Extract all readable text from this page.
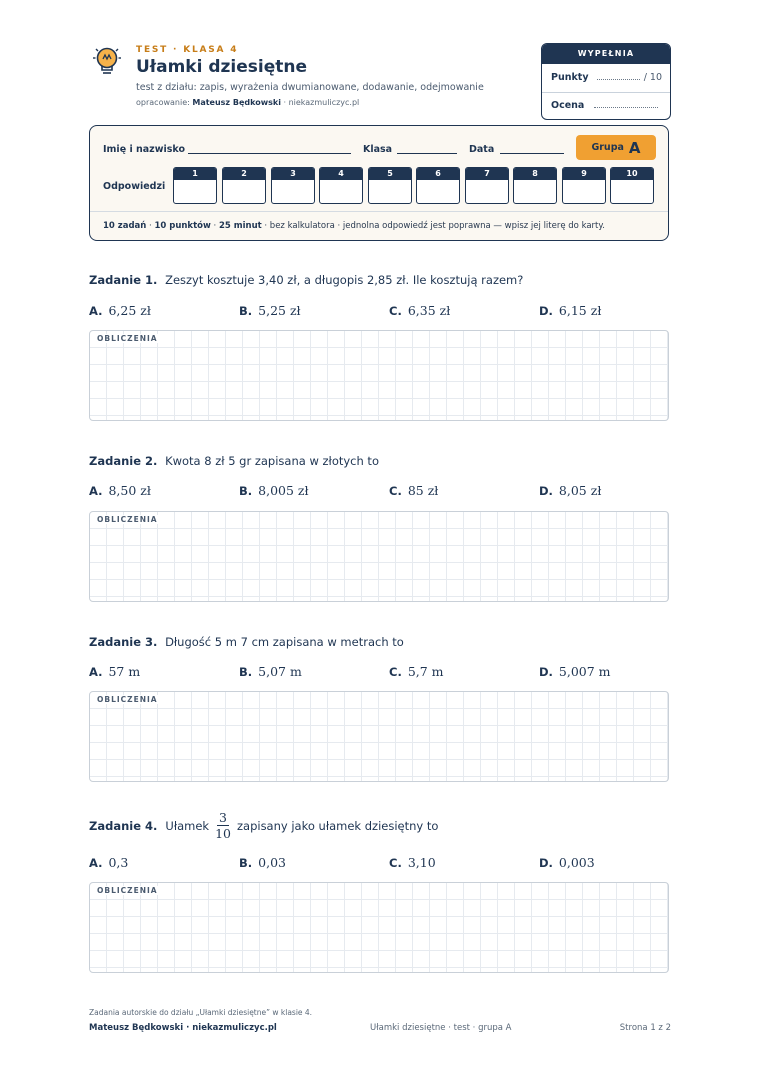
TEST · KLASA 4
Ułamki dziesiętne
test z działu: zapis, wyrażenia dwumianowane, dodawanie, odejmowanie
opracowanie: Mateusz Będkowski · niekazmuliczyc.pl
WYPEŁNIA NAUCZYCIEL
Punkty	/ 10
Ocena
Imię i nazwisko	Klasa	Data	Grupa A
Odpowiedzi
1	2	3	4	5	6	7	8	9	10
10 zadań · 10 punktów · 25 minut · bez kalkulatora · jednolna odpowiedź jest poprawna — wpisz jej literę do karty.
Zadanie 1. Zeszyt kosztuje 3,40 zł, a długopis 2,85 zł. Ile kosztują razem?
A. 6,25 zł	B. 5,25 zł	C. 6,35 zł	D. 6,15 zł
OBLICZENIA
Zadanie 2. Kwota 8 zł 5 gr zapisana w złotych to
A. 8,50 zł	B. 8,005 zł	C. 85 zł	D. 8,05 zł
OBLICZENIA
Zadanie 3. Długość 5 m 7 cm zapisana w metrach to
A. 57 m	B. 5,07 m	C. 5,7 m	D. 5,007 m
OBLICZENIA
Zadanie 4. Ułamek $\frac{3}{10}$ zapisany jako ułamek dziesiętny to
A. 0,3	B. 0,03	C. 3,10	D. 0,003
OBLICZENIA
Zadania autorskie do działu „Ułamki dziesiętne” w klasie 4.
Mateusz Będkowski · niekazmuliczyc.pl	Ułamki dziesiętne · test · grupa A	Strona 1 z 2
